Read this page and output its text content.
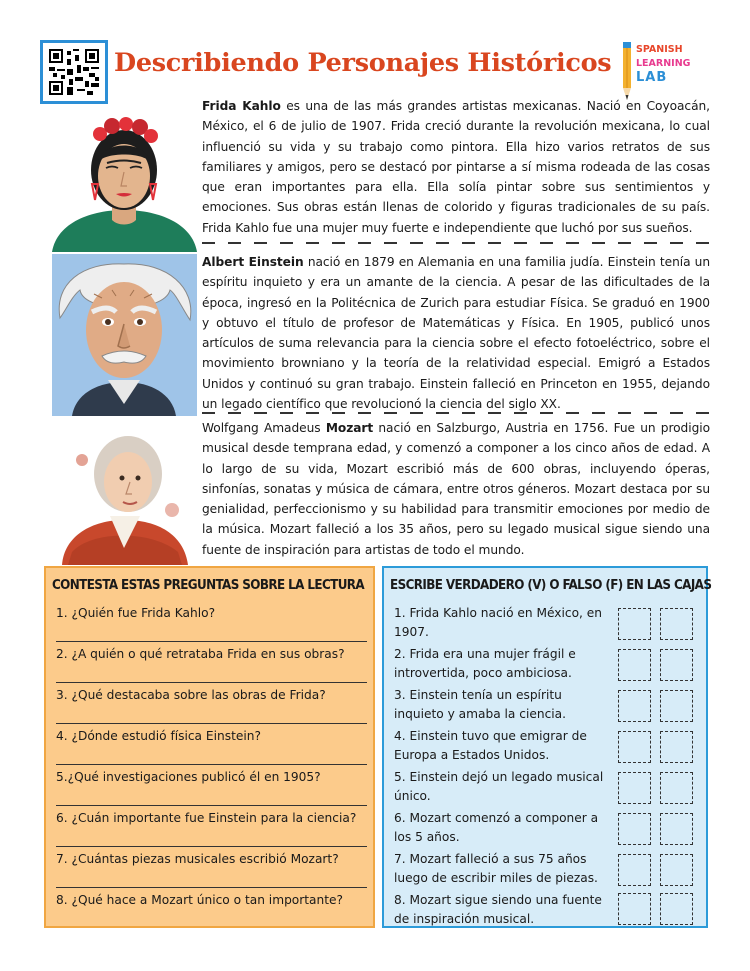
Describiendo Personajes Históricos	SPANISH
LEARNING
LAB
Frida Kahlo es una de las más grandes artistas mexicanas. Nació en Coyoacán, México, el 6 de julio de 1907. Frida creció durante la revolución mexicana, lo cual influenció su vida y su trabajo como pintora. Ella hizo varios retratos de sus familiares y amigos, pero se destacó por pintarse a sí misma rodeada de las cosas que eran importantes para ella. Ella solía pintar sobre sus sentimientos y emociones. Sus obras están llenas de colorido y figuras tradicionales de su país. Frida Kahlo fue una mujer muy fuerte e independiente que luchó por sus sueños.
Albert Einstein nació en 1879 en Alemania en una familia judía. Einstein tenía un espíritu inquieto y era un amante de la ciencia. A pesar de las dificultades de la época, ingresó en la Politécnica de Zurich para estudiar Física. Se graduó en 1900 y obtuvo el título de profesor de Matemáticas y Física. En 1905, publicó unos artículos de suma relevancia para la ciencia sobre el efecto fotoeléctrico, sobre el movimiento browniano y la teoría de la relatividad especial. Emigró a Estados Unidos y continuó su gran trabajo. Einstein falleció en Princeton en 1955, dejando un legado científico que revolucionó la ciencia del siglo XX.
Wolfgang Amadeus Mozart nació en Salzburgo, Austria en 1756. Fue un prodigio musical desde temprana edad, y comenzó a componer a los cinco años de edad. A lo largo de su vida, Mozart escribió más de 600 obras, incluyendo óperas, sinfonías, sonatas y música de cámara, entre otros géneros. Mozart destaca por su genialidad, perfeccionismo y su habilidad para transmitir emociones por medio de la música. Mozart falleció a los 35 años, pero su legado musical sigue siendo una fuente de inspiración para artistas de todo el mundo.
CONTESTA ESTAS PREGUNTAS SOBRE LA LECTURA
1. ¿Quién fue Frida Kahlo?
2. ¿A quién o qué retrataba Frida en sus obras?
3. ¿Qué destacaba sobre las obras de Frida?
4. ¿Dónde estudió física Einstein?
5.¿Qué investigaciones publicó él en 1905?
6. ¿Cuán importante fue Einstein para la ciencia?
7. ¿Cuántas piezas musicales escribió Mozart?
8. ¿Qué hace a Mozart único o tan importante?
ESCRIBE VERDADERO (V) O FALSO (F) EN LAS CAJAS
1. Frida Kahlo nació en México, en 1907.
2. Frida era una mujer frágil e introvertida, poco ambiciosa.
3. Einstein tenía un espíritu inquieto y amaba la ciencia.
4. Einstein tuvo que emigrar de Europa a Estados Unidos.
5. Einstein dejó un legado musical único.
6. Mozart comenzó a componer a los 5 años.
7. Mozart falleció a sus 75 años luego de escribir miles de piezas.
8. Mozart sigue siendo una fuente de inspiración musical.
